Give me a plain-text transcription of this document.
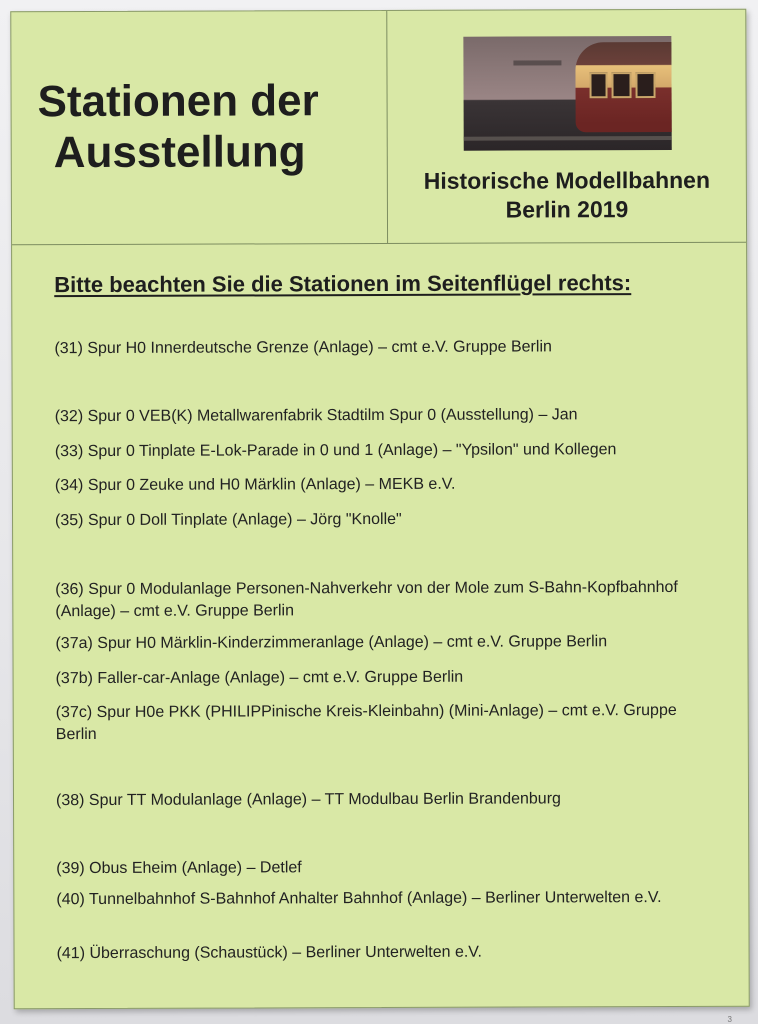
Stationen der
Ausstellung
Historische Modellbahnen
Berlin 2019
Bitte beachten Sie die Stationen im Seitenflügel rechts:

(31) Spur H0 Innerdeutsche Grenze (Anlage) – cmt e.V. Gruppe Berlin

(32) Spur 0 VEB(K) Metallwarenfabrik Stadtilm Spur 0 (Ausstellung) – Jan

(33) Spur 0 Tinplate E-Lok-Parade in 0 und 1 (Anlage) – "Ypsilon" und Kollegen

(34) Spur 0 Zeuke und H0 Märklin (Anlage) – MEKB e.V.

(35) Spur 0 Doll Tinplate (Anlage) – Jörg "Knolle"

(36) Spur 0 Modulanlage Personen-Nahverkehr von der Mole zum S-Bahn-Kopfbahnhof (Anlage) – cmt e.V. Gruppe Berlin

(37a) Spur H0 Märklin-Kinderzimmeranlage (Anlage) – cmt e.V. Gruppe Berlin

(37b) Faller-car-Anlage (Anlage) – cmt e.V. Gruppe Berlin

(37c) Spur H0e PKK (PHILIPPinische Kreis-Kleinbahn) (Mini-Anlage) – cmt e.V. Gruppe Berlin

(38) Spur TT Modulanlage (Anlage) – TT Modulbau Berlin Brandenburg

(39) Obus Eheim (Anlage) – Detlef

(40) Tunnelbahnhof S-Bahnhof Anhalter Bahnhof (Anlage) – Berliner Unterwelten e.V.

(41) Überraschung (Schaustück) – Berliner Unterwelten e.V.

3
